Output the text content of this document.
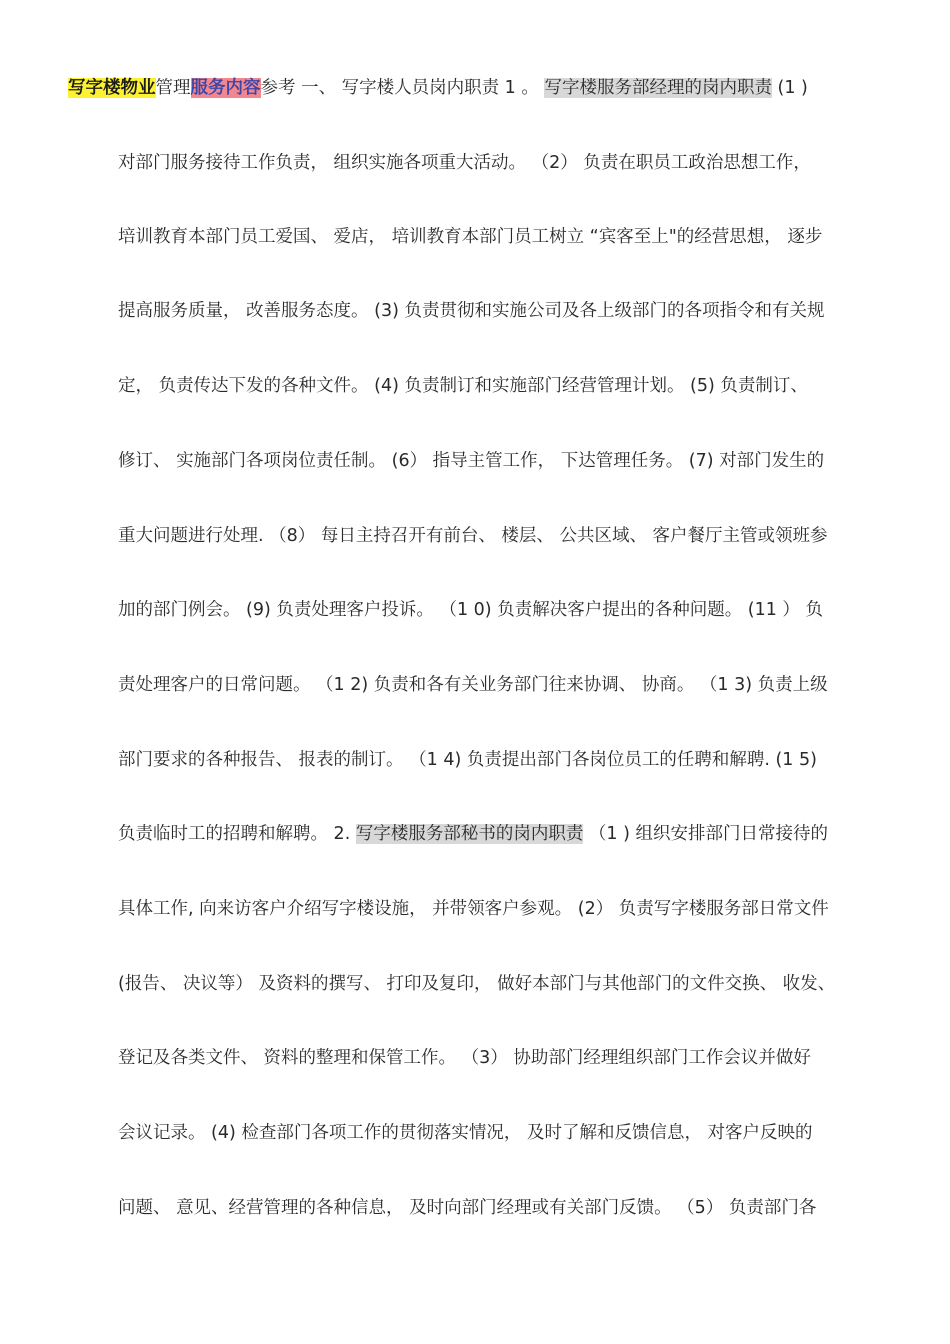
写字楼物业管理服务内容参考 一、 写字楼人员岗内职责 1 。 写字楼服务部经理的岗内职责 (1 )
对部门服务接待工作负责， 组织实施各项重大活动。 （2） 负责在职员工政治思想工作，
培训教育本部门员工爱国、 爱店， 培训教育本部门员工树立 “宾客至上"的经营思想， 逐步
提高服务质量， 改善服务态度。 (3) 负责贯彻和实施公司及各上级部门的各项指令和有关规
定， 负责传达下发的各种文件。 (4) 负责制订和实施部门经营管理计划。 (5) 负责制订、
修订、 实施部门各项岗位责任制。 (6） 指导主管工作， 下达管理任务。 (7) 对部门发生的
重大问题进行处理. （8） 每日主持召开有前台、 楼层、 公共区域、 客户餐厅主管或领班参
加的部门例会。 (9) 负责处理客户投诉。 （1 0) 负责解决客户提出的各种问题。 (11 ） 负
责处理客户的日常问题。 （1 2) 负责和各有关业务部门往来协调、 协商。 （1 3) 负责上级
部门要求的各种报告、 报表的制订。 （1 4) 负责提出部门各岗位员工的任聘和解聘. (1 5)
负责临时工的招聘和解聘。 2. 写字楼服务部秘书的岗内职责 （1 ) 组织安排部门日常接待的
具体工作, 向来访客户介绍写字楼设施， 并带领客户参观。 (2） 负责写字楼服务部日常文件
(报告、 决议等） 及资料的撰写、 打印及复印， 做好本部门与其他部门的文件交换、 收发、
登记及各类文件、 资料的整理和保管工作。 （3） 协助部门经理组织部门工作会议并做好
会议记录。 (4) 检查部门各项工作的贯彻落实情况， 及时了解和反馈信息， 对客户反映的
问题、 意见、经营管理的各种信息， 及时向部门经理或有关部门反馈。 （5） 负责部门各
